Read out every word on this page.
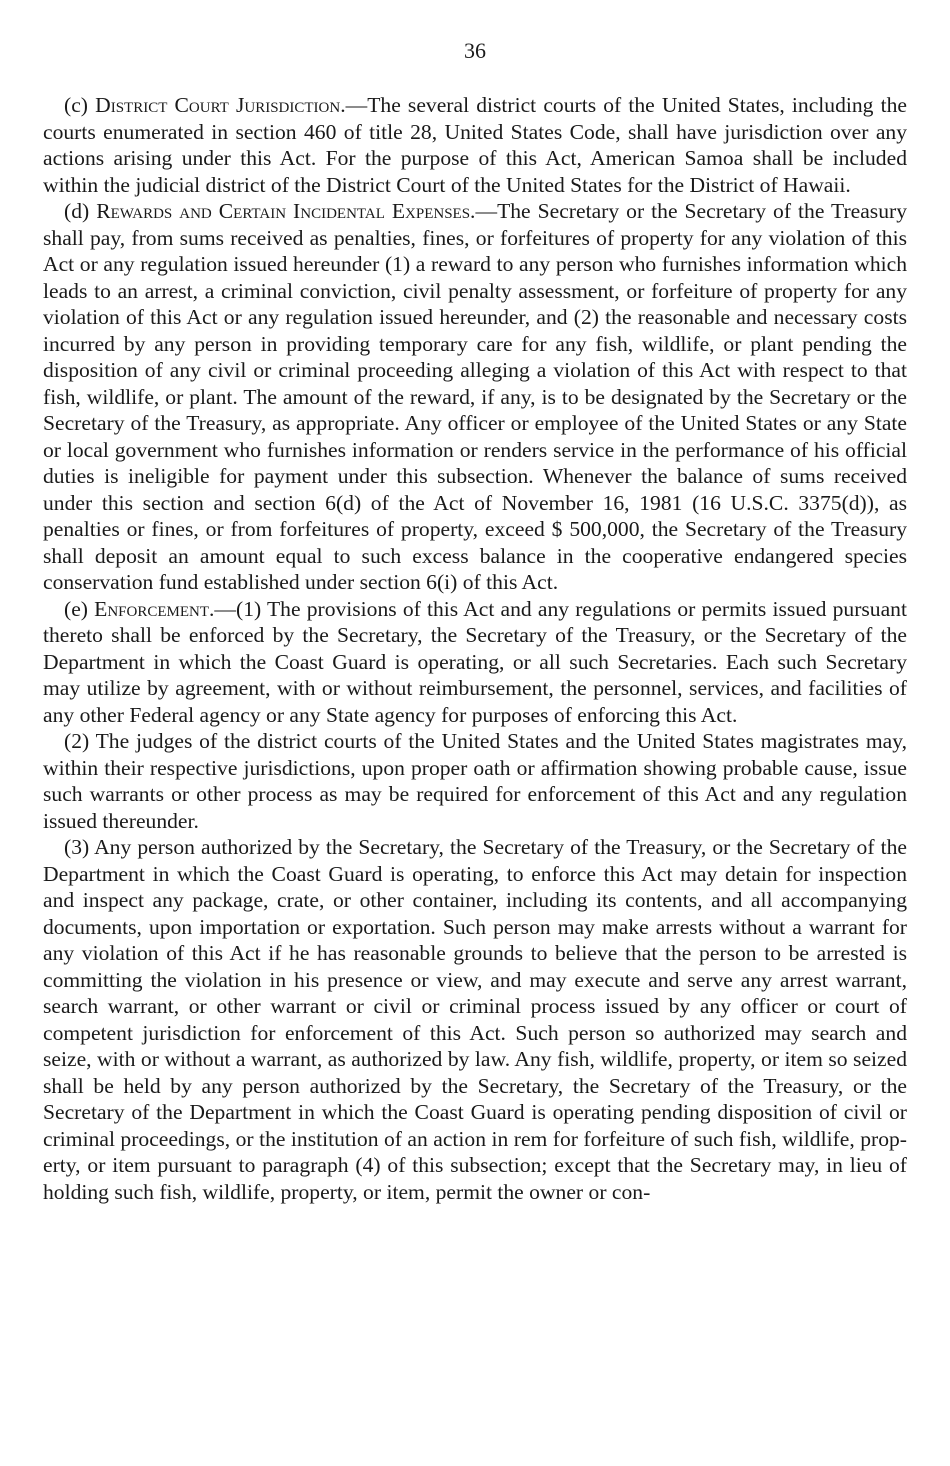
36

(c) District Court Jurisdiction.—The several district courts of the United States, including the courts enumerated in section 460 of title 28, United States Code, shall have jurisdiction over any actions arising under this Act. For the purpose of this Act, American Samoa shall be included within the judicial district of the District Court of the United States for the District of Hawaii.

(d) Rewards and Certain Incidental Expenses.—The Secretary or the Secretary of the Treasury shall pay, from sums received as penalties, fines, or forfeitures of property for any violation of this Act or any regulation issued hereunder (1) a reward to any person who furnishes information which leads to an arrest, a criminal conviction, civil penalty assessment, or forfeiture of property for any violation of this Act or any regulation issued hereunder, and (2) the reasonable and necessary costs incurred by any person in providing temporary care for any fish, wildlife, or plant pending the disposition of any civil or criminal proceeding alleging a violation of this Act with respect to that fish, wildlife, or plant. The amount of the reward, if any, is to be designated by the Secretary or the Secretary of the Treasury, as appropriate. Any officer or employee of the United States or any State or local government who furnishes information or renders service in the performance of his official duties is ineligible for payment under this subsection. Whenever the balance of sums received under this section and section 6(d) of the Act of November 16, 1981 (16 U.S.C. 3375(d)), as penalties or fines, or from forfeitures of property, exceed $ 500,000, the Secretary of the Treasury shall deposit an amount equal to such excess balance in the cooperative endangered species conservation fund established under section 6(i) of this Act.

(e) Enforcement.—(1) The provisions of this Act and any regulations or permits issued pursuant thereto shall be enforced by the Secretary, the Secretary of the Treasury, or the Secretary of the Department in which the Coast Guard is operating, or all such Secretaries. Each such Secretary may utilize by agreement, with or without reimbursement, the personnel, services, and facilities of any other Federal agency or any State agency for purposes of enforcing this Act.

(2) The judges of the district courts of the United States and the United States magistrates may, within their respective jurisdictions, upon proper oath or affirmation showing probable cause, issue such warrants or other process as may be required for enforcement of this Act and any regulation issued thereunder.

(3) Any person authorized by the Secretary, the Secretary of the Treasury, or the Secretary of the Department in which the Coast Guard is operating, to enforce this Act may detain for inspection and inspect any package, crate, or other container, including its contents, and all accompanying documents, upon importation or exportation. Such person may make arrests without a warrant for any violation of this Act if he has reasonable grounds to believe that the person to be arrested is committing the violation in his presence or view, and may execute and serve any arrest warrant, search warrant, or other warrant or civil or criminal process issued by any officer or court of competent jurisdiction for enforcement of this Act. Such person so authorized may search and seize, with or without a warrant, as authorized by law. Any fish, wildlife, property, or item so seized shall be held by any person authorized by the Secretary, the Secretary of the Treasury, or the Secretary of the Department in which the Coast Guard is operating pending disposition of civil or criminal proceedings, or the institution of an action in rem for forfeiture of such fish, wildlife, property, or item pursuant to paragraph (4) of this subsection; except that the Secretary may, in lieu of holding such fish, wildlife, property, or item, permit the owner or con-
